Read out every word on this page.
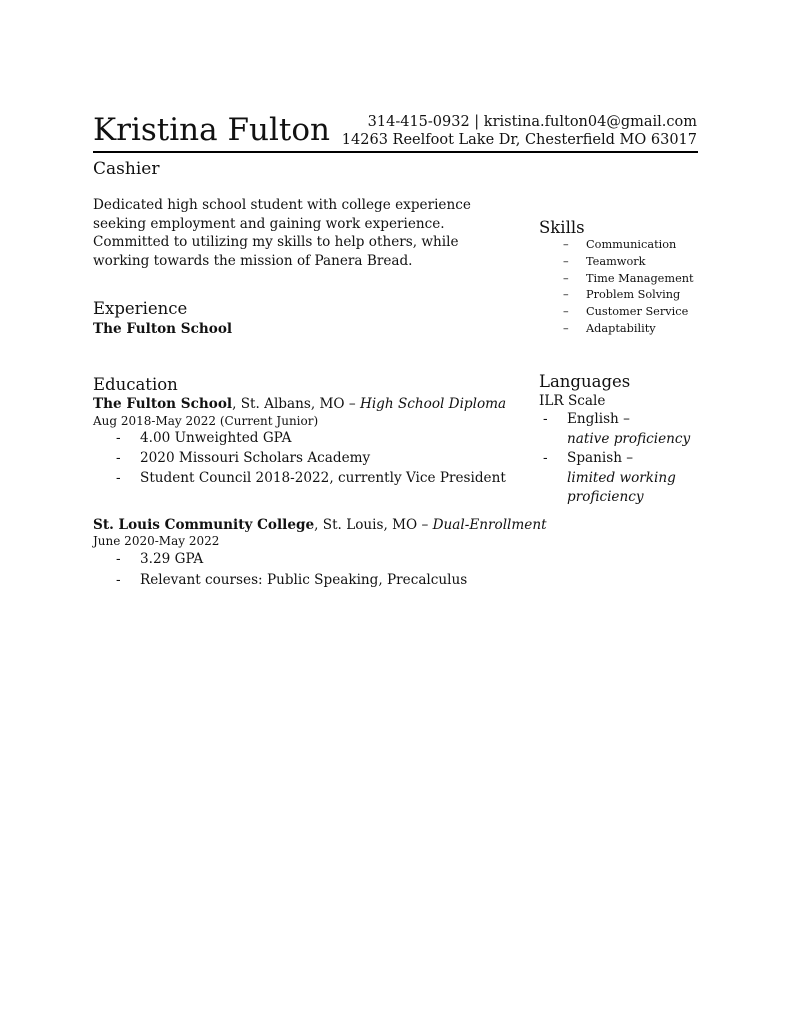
Kristina Fulton	314-415-0932 | kristina.fulton04@gmail.com
14263 Reelfoot Lake Dr, Chesterfield MO 63017
Cashier
Dedicated high school student with college experience seeking employment and gaining work experience. Committed to utilizing my skills to help others, while working towards the mission of Panera Bread.
Experience
The Fulton School
Education
The Fulton School, St. Albans, MO – High School Diploma
Aug 2018-May 2022 (Current Junior)
- 4.00 Unweighted GPA
- 2020 Missouri Scholars Academy
- Student Council 2018-2022, currently Vice President
St. Louis Community College, St. Louis, MO – Dual-Enrollment
June 2020-May 2022
- 3.29 GPA
- Relevant courses: Public Speaking, Precalculus
Skills
– Communication
– Teamwork
– Time Management
– Problem Solving
– Customer Service
– Adaptability
Languages
ILR Scale
- English –
native proficiency
- Spanish –
limited working proficiency
